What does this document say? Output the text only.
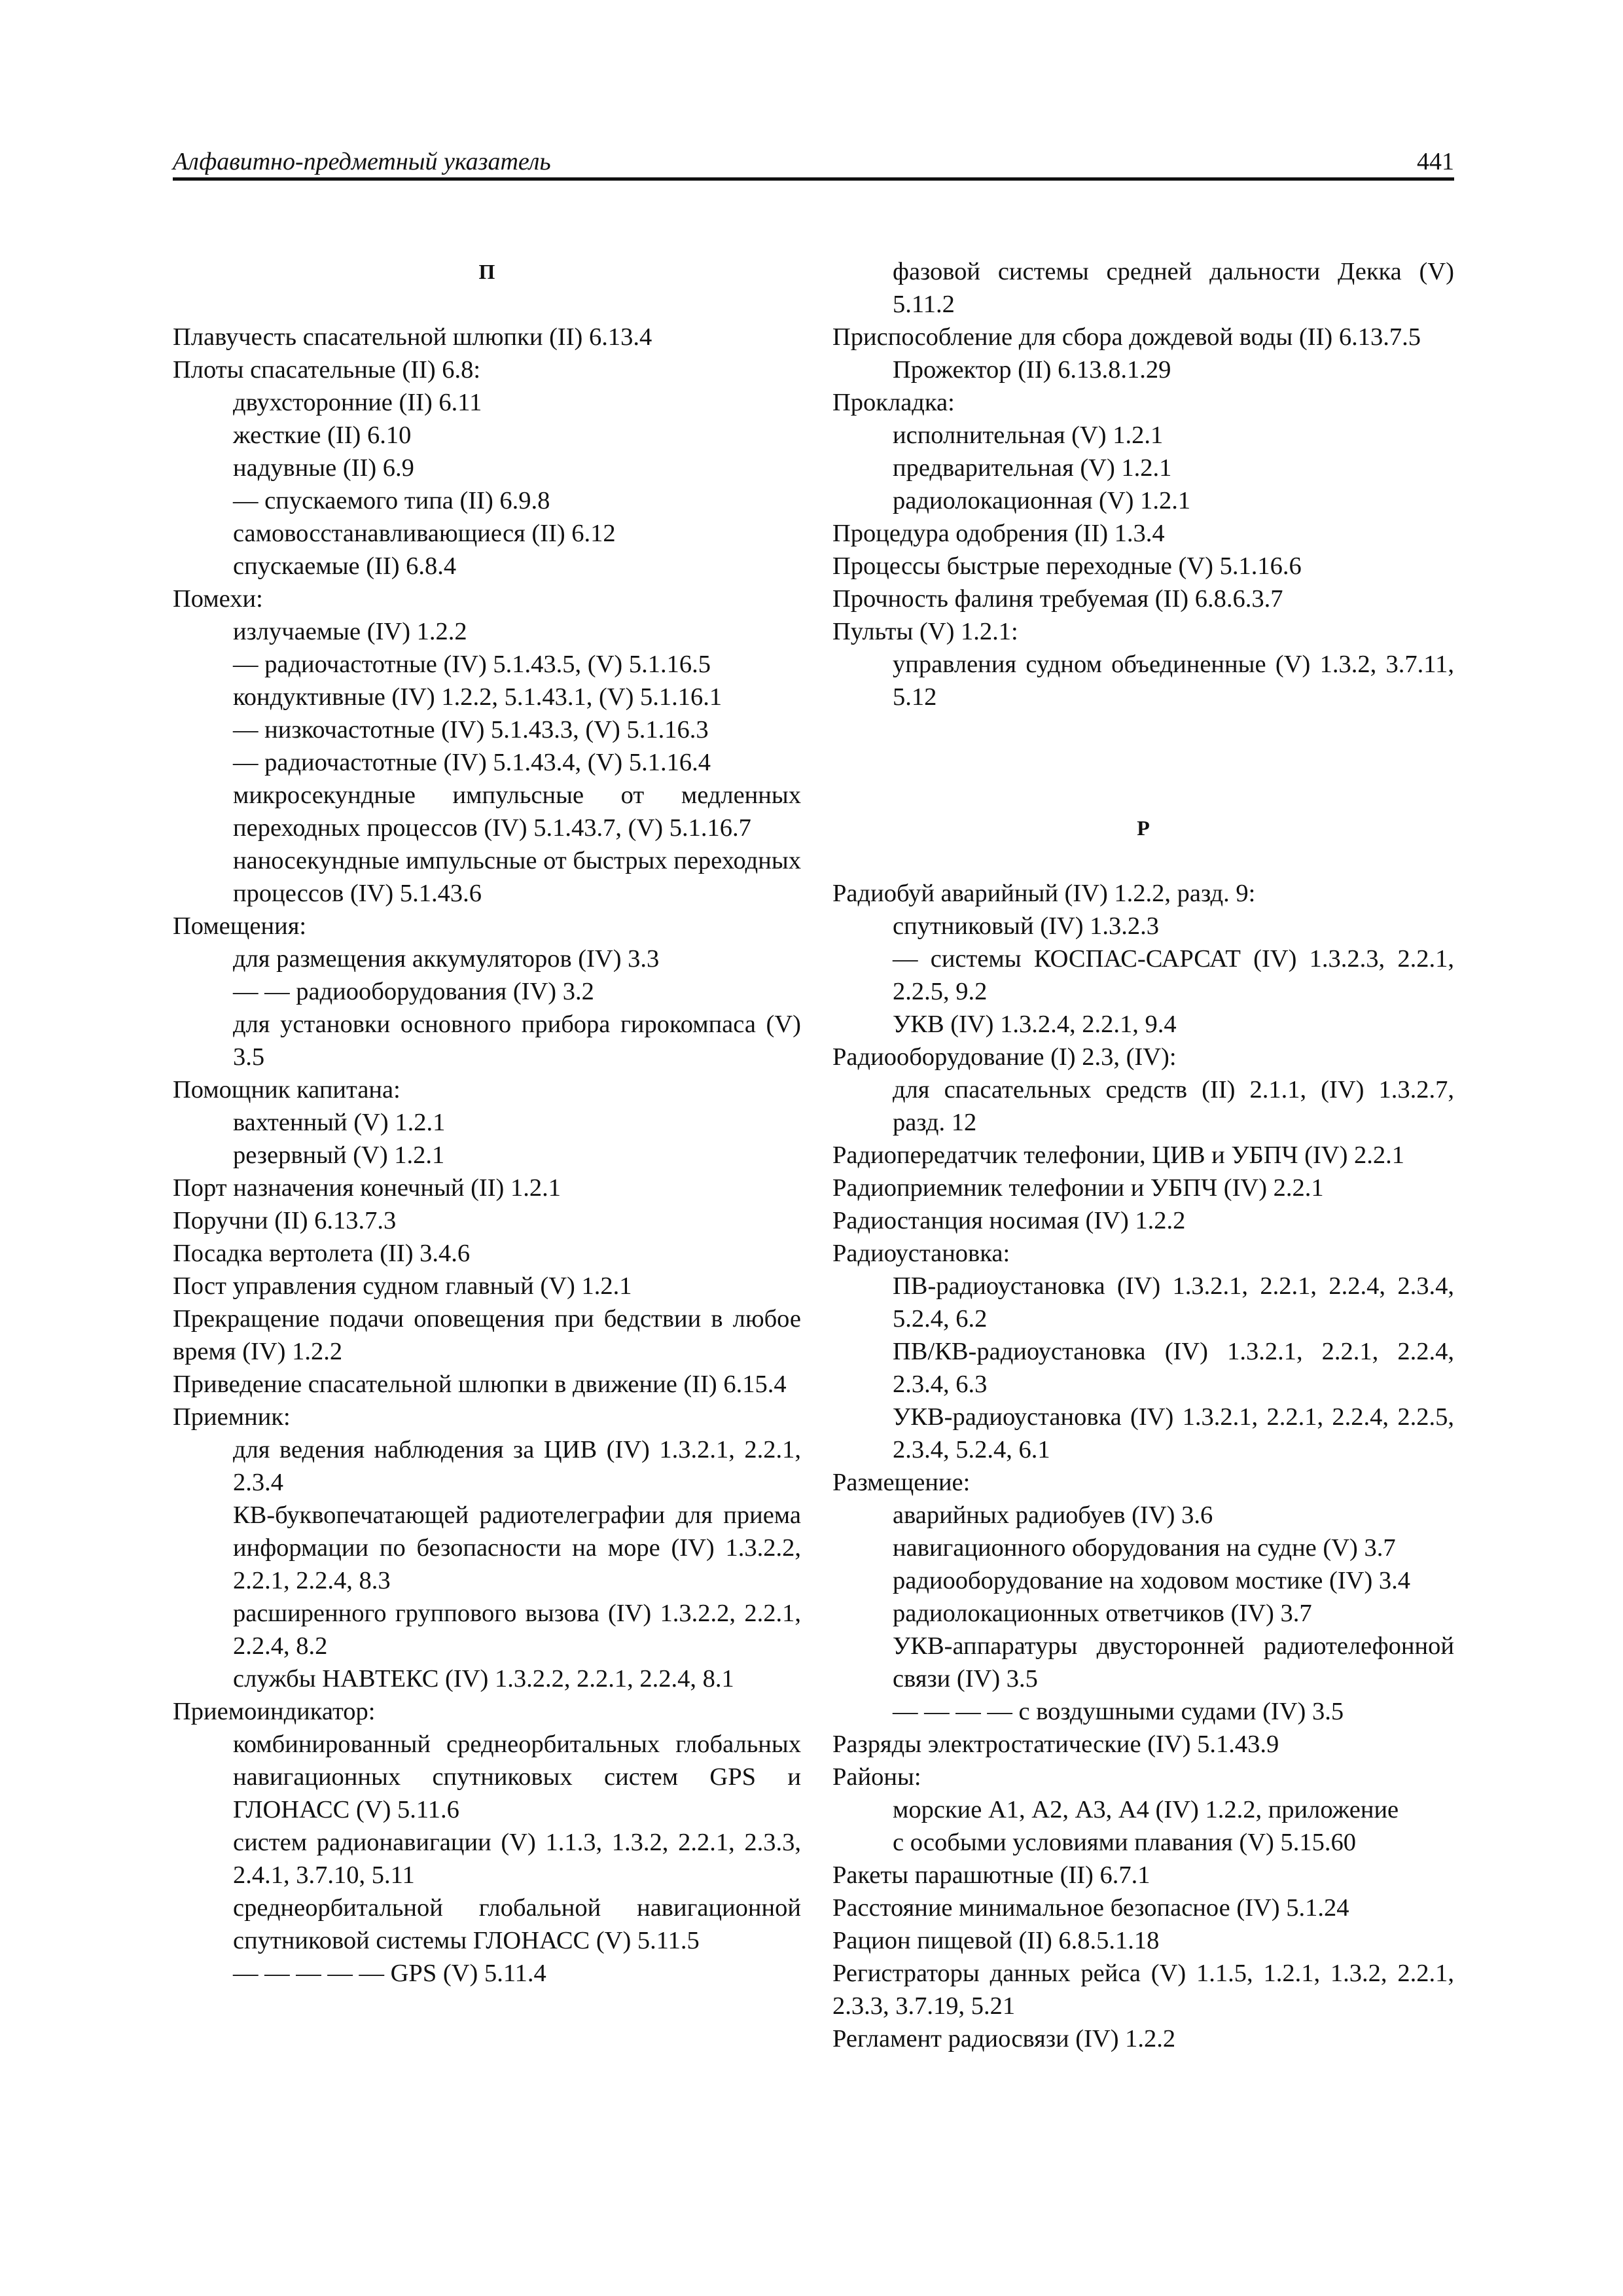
Алфавитно-предметный указатель	441
П
Плавучесть спасательной шлюпки (II) 6.13.4
Плоты спасательные (II) 6.8:
двухсторонние (II) 6.11
жесткие (II) 6.10
надувные (II) 6.9
— спускаемого типа (II) 6.9.8
самовосстанавливающиеся (II) 6.12
спускаемые (II) 6.8.4
Помехи:
излучаемые (IV) 1.2.2
— радиочастотные (IV) 5.1.43.5, (V) 5.1.16.5
кондуктивные (IV) 1.2.2, 5.1.43.1, (V) 5.1.16.1
— низкочастотные (IV) 5.1.43.3, (V) 5.1.16.3
— радиочастотные (IV) 5.1.43.4, (V) 5.1.16.4
микросекундные импульсные от медленных переходных процессов (IV) 5.1.43.7, (V) 5.1.16.7
наносекундные импульсные от быстрых переходных процессов (IV) 5.1.43.6
Помещения:
для размещения аккумуляторов (IV) 3.3
— — радиооборудования (IV) 3.2
для установки основного прибора гирокомпаса (V) 3.5
Помощник капитана:
вахтенный (V) 1.2.1
резервный (V) 1.2.1
Порт назначения конечный (II) 1.2.1
Поручни (II) 6.13.7.3
Посадка вертолета (II) 3.4.6
Пост управления судном главный (V) 1.2.1
Прекращение подачи оповещения при бедствии в любое время (IV) 1.2.2
Приведение спасательной шлюпки в движение (II) 6.15.4
Приемник:
для ведения наблюдения за ЦИВ (IV) 1.3.2.1, 2.2.1, 2.3.4
КВ-буквопечатающей радиотелеграфии для приема информации по безопасности на море (IV) 1.3.2.2, 2.2.1, 2.2.4, 8.3
расширенного группового вызова (IV) 1.3.2.2, 2.2.1, 2.2.4, 8.2
службы НАВТЕКС (IV) 1.3.2.2, 2.2.1, 2.2.4, 8.1
Приемоиндикатор:
комбинированный среднеорбитальных глобальных навигационных спутниковых систем GPS и ГЛОНАСС (V) 5.11.6
систем радионавигации (V) 1.1.3, 1.3.2, 2.2.1, 2.3.3, 2.4.1, 3.7.10, 5.11
среднеорбитальной глобальной навигационной спутниковой системы ГЛОНАСС (V) 5.11.5
— — — — — GPS (V) 5.11.4
фазовой системы средней дальности Декка (V) 5.11.2
Приспособление для сбора дождевой воды (II) 6.13.7.5
Прожектор (II) 6.13.8.1.29
Прокладка:
исполнительная (V) 1.2.1
предварительная (V) 1.2.1
радиолокационная (V) 1.2.1
Процедура одобрения (II) 1.3.4
Процессы быстрые переходные (V) 5.1.16.6
Прочность фалиня требуемая (II) 6.8.6.3.7
Пульты (V) 1.2.1:
управления судном объединенные (V) 1.3.2, 3.7.11, 5.12
Р
Радиобуй аварийный (IV) 1.2.2, разд. 9:
спутниковый (IV) 1.3.2.3
— системы КОСПАС-САРСАТ (IV) 1.3.2.3, 2.2.1, 2.2.5, 9.2
УКВ (IV) 1.3.2.4, 2.2.1, 9.4
Радиооборудование (I) 2.3, (IV):
для спасательных средств (II) 2.1.1, (IV) 1.3.2.7, разд. 12
Радиопередатчик телефонии, ЦИВ и УБПЧ (IV) 2.2.1
Радиоприемник телефонии и УБПЧ (IV) 2.2.1
Радиостанция носимая (IV) 1.2.2
Радиоустановка:
ПВ-радиоустановка (IV) 1.3.2.1, 2.2.1, 2.2.4, 2.3.4, 5.2.4, 6.2
ПВ/КВ-радиоустановка (IV) 1.3.2.1, 2.2.1, 2.2.4, 2.3.4, 6.3
УКВ-радиоустановка (IV) 1.3.2.1, 2.2.1, 2.2.4, 2.2.5, 2.3.4, 5.2.4, 6.1
Размещение:
аварийных радиобуев (IV) 3.6
навигационного оборудования на судне (V) 3.7
радиооборудование на ходовом мостике (IV) 3.4
радиолокационных ответчиков (IV) 3.7
УКВ-аппаратуры двусторонней радиотелефонной связи (IV) 3.5
— — — — с воздушными судами (IV) 3.5
Разряды электростатические (IV) 5.1.43.9
Районы:
морские А1, А2, А3, А4 (IV) 1.2.2, приложение
с особыми условиями плавания (V) 5.15.60
Ракеты парашютные (II) 6.7.1
Расстояние минимальное безопасное (IV) 5.1.24
Рацион пищевой (II) 6.8.5.1.18
Регистраторы данных рейса (V) 1.1.5, 1.2.1, 1.3.2, 2.2.1, 2.3.3, 3.7.19, 5.21
Регламент радиосвязи (IV) 1.2.2
